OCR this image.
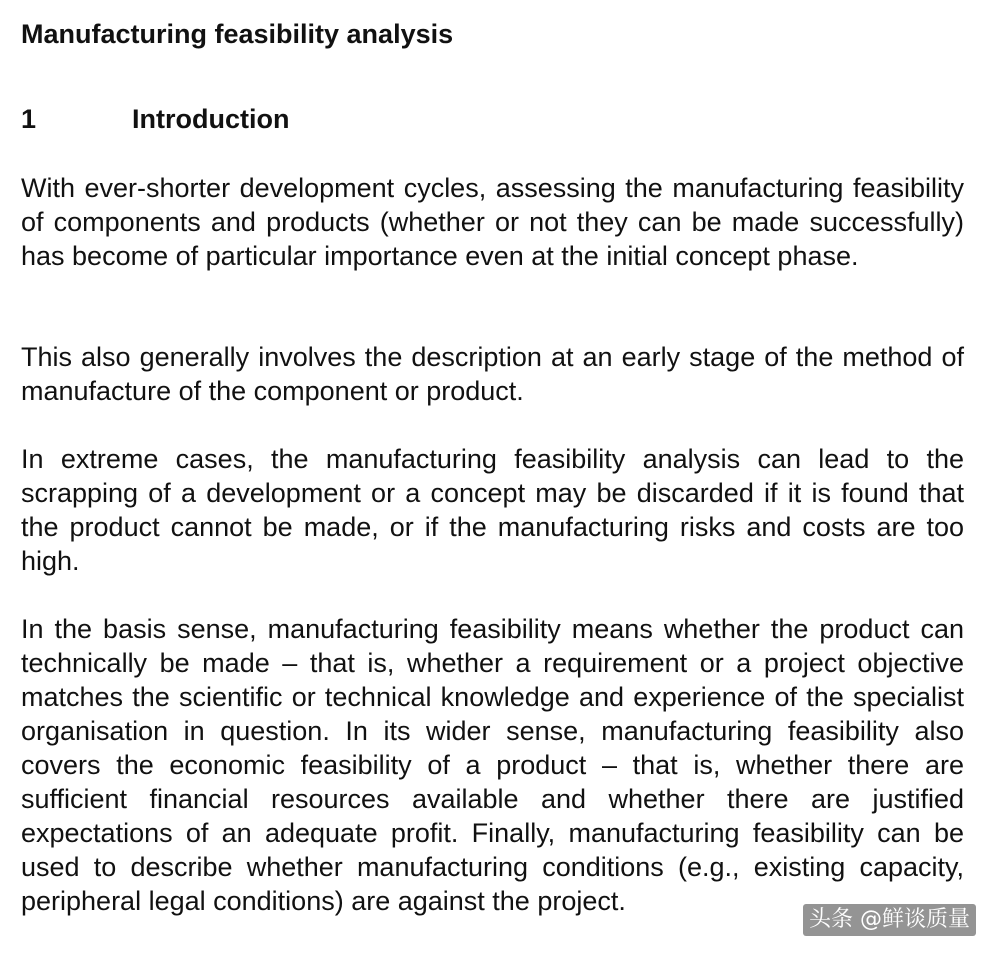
Manufacturing feasibility analysis
1	Introduction

With ever-shorter development cycles, assessing the manufacturing feasibility of components and products (whether or not they can be made successfully) has become of particular importance even at the initial concept phase.

This also generally involves the description at an early stage of the method of manufacture of the component or product.

In extreme cases, the manufacturing feasibility analysis can lead to the scrapping of a development or a concept may be discarded if it is found that the product cannot be made, or if the manufacturing risks and costs are too high.

In the basis sense, manufacturing feasibility means whether the product can technically be made – that is, whether a requirement or a project objective matches the scientific or technical knowledge and experience of the specialist organisation in question. In its wider sense, manufacturing feasibility also covers the economic feasibility of a product – that is, whether there are sufficient financial resources available and whether there are justified expectations of an adequate profit. Finally, manufacturing feasibility can be used to describe whether manufacturing conditions (e.g., existing capacity, peripheral legal conditions) are against the project.

头条 @鲜谈质量
